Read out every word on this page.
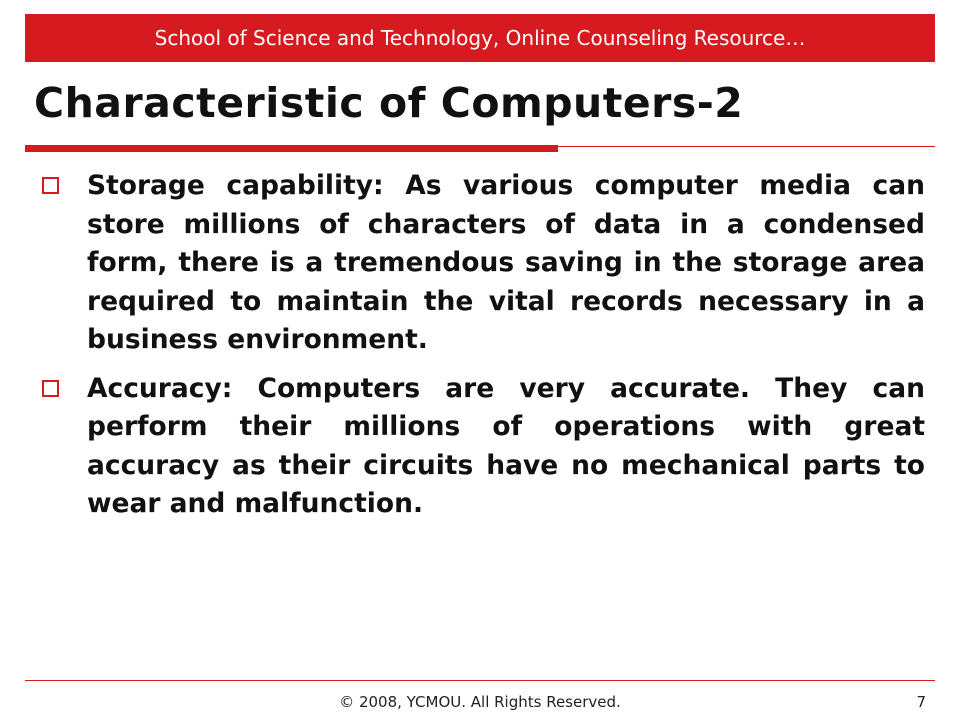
School of Science and Technology, Online Counseling Resource…
Characteristic of Computers-2
Storage capability: As various computer media can store millions of characters of data in a condensed form, there is a tremendous saving in the storage area required to maintain the vital records necessary in a business environment.
Accuracy: Computers are very accurate. They can perform their millions of operations with great accuracy as their circuits have no mechanical parts to wear and malfunction.
© 2008, YCMOU. All Rights Reserved.	7
